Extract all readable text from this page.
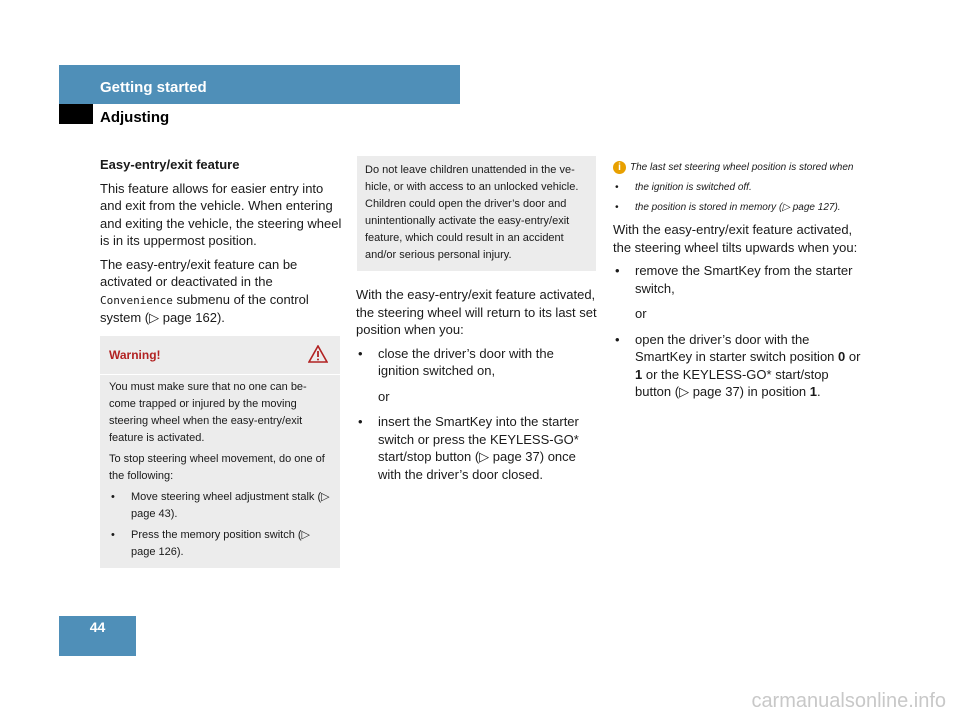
Getting started
Adjusting
Easy-entry/exit feature
This feature allows for easier entry into and exit from the vehicle. When entering and exiting the vehicle, the steering wheel is in its uppermost position.
The easy-entry/exit feature can be activated or deactivated in the Convenience submenu of the control system (▷ page 162).
Warning!
You must make sure that no one can be-come trapped or injured by the moving steering wheel when the easy-entry/exit feature is activated.
To stop steering wheel movement, do one of the following:
• Move steering wheel adjustment stalk (▷ page 43).
• Press the memory position switch (▷ page 126).
Do not leave children unattended in the ve-hicle, or with access to an unlocked vehicle. Children could open the driver’s door and unintentionally activate the easy-entry/exit feature, which could result in an accident and/or serious personal injury.
With the easy-entry/exit feature activated, the steering wheel will return to its last set position when you:
• close the driver’s door with the ignition switched on,
or
• insert the SmartKey into the starter switch or press the KEYLESS-GO* start/stop button (▷ page 37) once with the driver’s door closed.
i The last set steering wheel position is stored when
• the ignition is switched off.
• the position is stored in memory (▷ page 127).
With the easy-entry/exit feature activated, the steering wheel tilts upwards when you:
• remove the SmartKey from the starter switch,
or
• open the driver’s door with the SmartKey in starter switch position 0 or 1 or the KEYLESS-GO* start/stop button (▷ page 37) in position 1.
44
carmanualsonline.info
